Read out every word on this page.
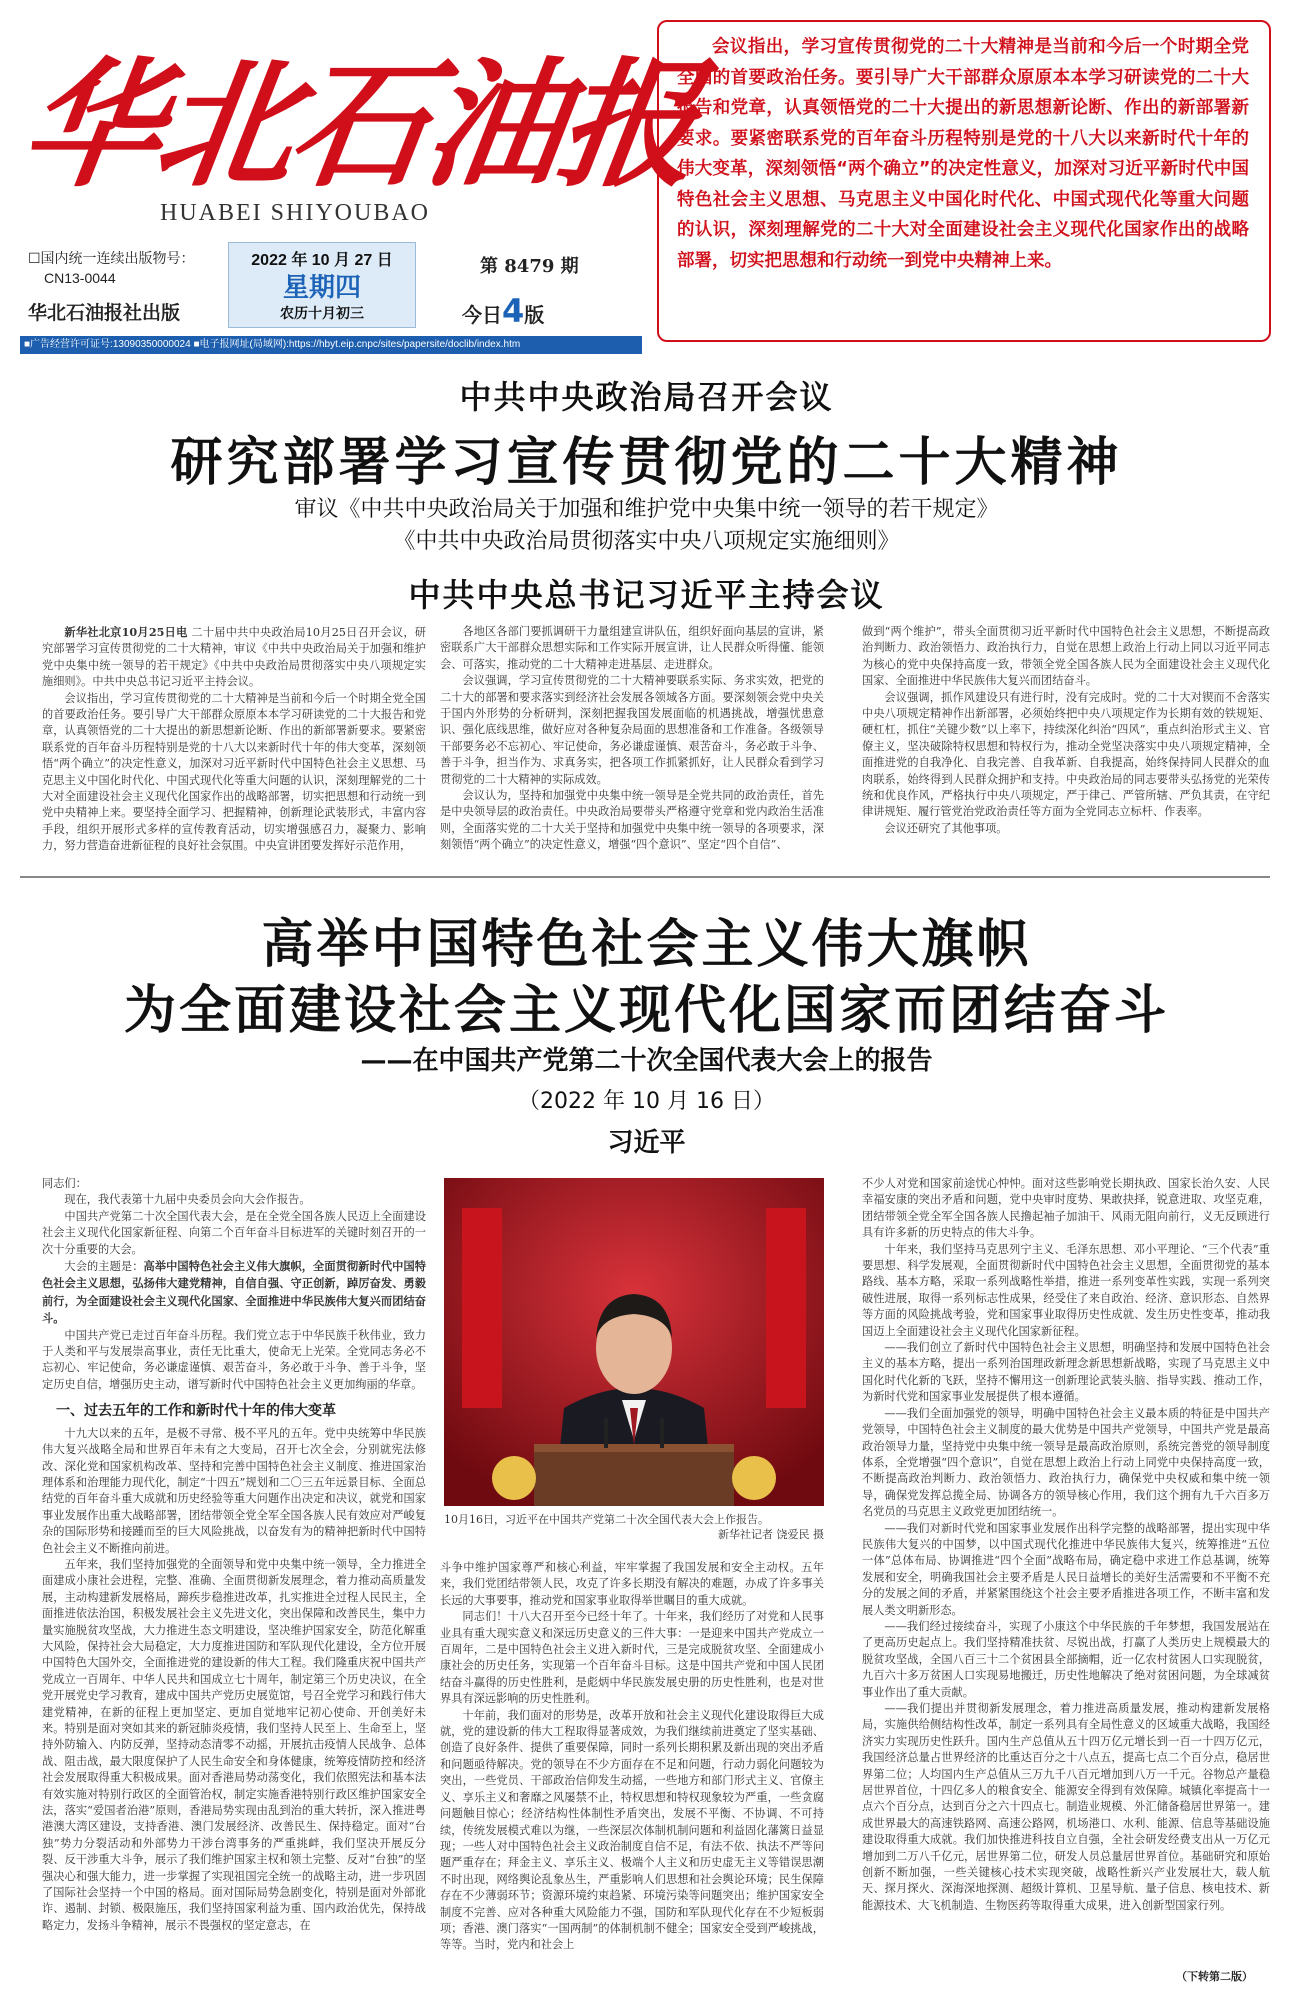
华北石油报
HUABEI SHIYOUBAO
☐国内统一连续出版物号：
CN13-0044
华北石油报社出版
2022 年 10 月 27 日
星期四
农历十月初三
第 8479 期
今日4版
■广告经营许可证号:13090350000024 ■电子报网址(局域网):https://hbyt.eip.cnpc/sites/papersite/doclib/index.htm
会议指出，学习宣传贯彻党的二十大精神是当前和今后一个时期全党全国的首要政治任务。要引导广大干部群众原原本本学习研读党的二十大报告和党章，认真领悟党的二十大提出的新思想新论断、作出的新部署新要求。要紧密联系党的百年奋斗历程特别是党的十八大以来新时代十年的伟大变革，深刻领悟“两个确立”的决定性意义，加深对习近平新时代中国特色社会主义思想、马克思主义中国化时代化、中国式现代化等重大问题的认识，深刻理解党的二十大对全面建设社会主义现代化国家作出的战略部署，切实把思想和行动统一到党中央精神上来。
中共中央政治局召开会议
研究部署学习宣传贯彻党的二十大精神
审议《中共中央政治局关于加强和维护党中央集中统一领导的若干规定》
《中共中央政治局贯彻落实中央八项规定实施细则》
中共中央总书记习近平主持会议

新华社北京10月25日电 二十届中共中央政治局10月25日召开会议，研究部署学习宣传贯彻党的二十大精神，审议《中共中央政治局关于加强和维护党中央集中统一领导的若干规定》《中共中央政治局贯彻落实中央八项规定实施细则》。中共中央总书记习近平主持会议。

会议指出，学习宣传贯彻党的二十大精神是当前和今后一个时期全党全国的首要政治任务。要引导广大干部群众原原本本学习研读党的二十大报告和党章，认真领悟党的二十大提出的新思想新论断、作出的新部署新要求。要紧密联系党的百年奋斗历程特别是党的十八大以来新时代十年的伟大变革，深刻领悟“两个确立”的决定性意义，加深对习近平新时代中国特色社会主义思想、马克思主义中国化时代化、中国式现代化等重大问题的认识，深刻理解党的二十大对全面建设社会主义现代化国家作出的战略部署，切实把思想和行动统一到党中央精神上来。要坚持全面学习、把握精神，创新理论武装形式，丰富内容手段，组织开展形式多样的宣传教育活动，切实增强感召力，凝聚力、影响力，努力营造奋进新征程的良好社会氛围。中央宣讲团要发挥好示范作用，

各地区各部门要抓调研干力量组建宣讲队伍，组织好面向基层的宣讲，紧密联系广大干部群众思想实际和工作实际开展宣讲，让人民群众听得懂、能领会、可落实，推动党的二十大精神走进基层、走进群众。

会议强调，学习宣传贯彻党的二十大精神要联系实际、务求实效，把党的二十大的部署和要求落实到经济社会发展各领域各方面。要深刻领会党中央关于国内外形势的分析研判，深刻把握我国发展面临的机遇挑战，增强忧患意识、强化底线思维，做好应对各种复杂局面的思想准备和工作准备。各级领导干部要务必不忘初心、牢记使命，务必谦虚谨慎、艰苦奋斗，务必敢于斗争、善于斗争，担当作为、求真务实，把各项工作抓紧抓好，让人民群众看到学习贯彻党的二十大精神的实际成效。

会议认为，坚持和加强党中央集中统一领导是全党共同的政治责任，首先是中央领导层的政治责任。中央政治局要带头严格遵守党章和党内政治生活准则，全面落实党的二十大关于坚持和加强党中央集中统一领导的各项要求，深刻领悟“两个确立”的决定性意义，增强“四个意识”、坚定“四个自信”、

做到“两个维护”，带头全面贯彻习近平新时代中国特色社会主义思想，不断提高政治判断力、政治领悟力、政治执行力，自觉在思想上政治上行动上同以习近平同志为核心的党中央保持高度一致，带领全党全国各族人民为全面建设社会主义现代化国家、全面推进中华民族伟大复兴而团结奋斗。

会议强调，抓作风建设只有进行时，没有完成时。党的二十大对锲而不舍落实中央八项规定精神作出新部署，必须始终把中央八项规定作为长期有效的铁规矩、硬杠杠，抓住“关键少数”以上率下，持续深化纠治“四风”，重点纠治形式主义、官僚主义，坚决破除特权思想和特权行为，推动全党坚决落实中央八项规定精神，全面推进党的自我净化、自我完善、自我革新、自我提高，始终保持同人民群众的血肉联系，始终得到人民群众拥护和支持。中央政治局的同志要带头弘扬党的光荣传统和优良作风，严格执行中央八项规定，严于律己、严管所辖、严负其责，在守纪律讲规矩、履行管党治党政治责任等方面为全党同志立标杆、作表率。

会议还研究了其他事项。

高举中国特色社会主义伟大旗帜
为全面建设社会主义现代化国家而团结奋斗
——在中国共产党第二十次全国代表大会上的报告
（2022 年 10 月 16 日）
习近平

同志们：

现在，我代表第十九届中央委员会向大会作报告。

中国共产党第二十次全国代表大会，是在全党全国各族人民迈上全面建设社会主义现代化国家新征程、向第二个百年奋斗目标进军的关键时刻召开的一次十分重要的大会。

大会的主题是：高举中国特色社会主义伟大旗帜，全面贯彻新时代中国特色社会主义思想，弘扬伟大建党精神，自信自强、守正创新，踔厉奋发、勇毅前行，为全面建设社会主义现代化国家、全面推进中华民族伟大复兴而团结奋斗。

中国共产党已走过百年奋斗历程。我们党立志于中华民族千秋伟业，致力于人类和平与发展崇高事业，责任无比重大，使命无上光荣。全党同志务必不忘初心、牢记使命，务必谦虚谨慎、艰苦奋斗，务必敢于斗争、善于斗争，坚定历史自信，增强历史主动，谱写新时代中国特色社会主义更加绚丽的华章。

一、过去五年的工作和新时代十年的伟大变革

十九大以来的五年，是极不寻常、极不平凡的五年。党中央统筹中华民族伟大复兴战略全局和世界百年未有之大变局，召开七次全会，分别就宪法修改、深化党和国家机构改革、坚持和完善中国特色社会主义制度、推进国家治理体系和治理能力现代化，制定“十四五”规划和二〇三五年远景目标、全面总结党的百年奋斗重大成就和历史经验等重大问题作出决定和决议，就党和国家事业发展作出重大战略部署，团结带领全党全军全国各族人民有效应对严峻复杂的国际形势和接踵而至的巨大风险挑战，以奋发有为的精神把新时代中国特色社会主义不断推向前进。

五年来，我们坚持加强党的全面领导和党中央集中统一领导，全力推进全面建成小康社会进程，完整、准确、全面贯彻新发展理念，着力推动高质量发展，主动构建新发展格局，蹄疾步稳推进改革，扎实推进全过程人民民主，全面推进依法治国，积极发展社会主义先进文化，突出保障和改善民生，集中力量实施脱贫攻坚战，大力推进生态文明建设，坚决维护国家安全，防范化解重大风险，保持社会大局稳定，大力度推进国防和军队现代化建设，全方位开展中国特色大国外交，全面推进党的建设新的伟大工程。我们隆重庆祝中国共产党成立一百周年、中华人民共和国成立七十周年，制定第三个历史决议，在全党开展党史学习教育，建成中国共产党历史展览馆，号召全党学习和践行伟大建党精神，在新的征程上更加坚定、更加自觉地牢记初心使命、开创美好未来。特别是面对突如其来的新冠肺炎疫情，我们坚持人民至上、生命至上，坚持外防输入、内防反弹，坚持动态清零不动摇，开展抗击疫情人民战争、总体战、阻击战，最大限度保护了人民生命安全和身体健康，统筹疫情防控和经济社会发展取得重大积极成果。面对香港局势动荡变化，我们依照宪法和基本法有效实施对特别行政区的全面管治权，制定实施香港特别行政区维护国家安全法，落实“爱国者治港”原则，香港局势实现由乱到治的重大转折，深入推进粤港澳大湾区建设，支持香港、澳门发展经济、改善民生、保持稳定。面对“台独”势力分裂活动和外部势力干涉台湾事务的严重挑衅，我们坚决开展反分裂、反干涉重大斗争，展示了我们维护国家主权和领土完整、反对“台独”的坚强决心和强大能力，进一步掌握了实现祖国完全统一的战略主动，进一步巩固了国际社会坚持一个中国的格局。面对国际局势急剧变化，特别是面对外部讹诈、遏制、封锁、极限施压，我们坚持国家利益为重、国内政治优先，保持战略定力，发扬斗争精神，展示不畏强权的坚定意志，在

10月16日，习近平在中国共产党第二十次全国代表大会上作报告。
新华社记者 饶爱民 摄

斗争中维护国家尊严和核心利益，牢牢掌握了我国发展和安全主动权。五年来，我们党团结带领人民，攻克了许多长期没有解决的难题，办成了许多事关长远的大事要事，推动党和国家事业取得举世瞩目的重大成就。

同志们！十八大召开至今已经十年了。十年来，我们经历了对党和人民事业具有重大现实意义和深远历史意义的三件大事：一是迎来中国共产党成立一百周年，二是中国特色社会主义进入新时代，三是完成脱贫攻坚、全面建成小康社会的历史任务，实现第一个百年奋斗目标。这是中国共产党和中国人民团结奋斗赢得的历史性胜利，是彪炳中华民族发展史册的历史性胜利，也是对世界具有深远影响的历史性胜利。

十年前，我们面对的形势是，改革开放和社会主义现代化建设取得巨大成就，党的建设新的伟大工程取得显著成效，为我们继续前进奠定了坚实基础、创造了良好条件、提供了重要保障，同时一系列长期积累及新出现的突出矛盾和问题亟待解决。党的领导在不少方面存在不足和问题，行动力弱化问题较为突出，一些党员、干部政治信仰发生动摇，一些地方和部门形式主义、官僚主义、享乐主义和奢靡之风屡禁不止，特权思想和特权现象较为严重，一些贪腐问题触目惊心；经济结构性体制性矛盾突出，发展不平衡、不协调、不可持续，传统发展模式难以为继，一些深层次体制机制问题和利益固化藩篱日益显现；一些人对中国特色社会主义政治制度自信不足，有法不依、执法不严等问题严重存在；拜金主义、享乐主义、极端个人主义和历史虚无主义等错误思潮不时出现，网络舆论乱象丛生，严重影响人们思想和社会舆论环境；民生保障存在不少薄弱环节；资源环境约束趋紧、环境污染等问题突出；维护国家安全制度不完善、应对各种重大风险能力不强，国防和军队现代化存在不少短板弱项；香港、澳门落实“一国两制”的体制机制不健全；国家安全受到严峻挑战，等等。当时，党内和社会上

不少人对党和国家前途忧心忡忡。面对这些影响党长期执政、国家长治久安、人民幸福安康的突出矛盾和问题，党中央审时度势、果敢抉择，锐意进取、攻坚克难，团结带领全党全军全国各族人民撸起袖子加油干、风雨无阻向前行，义无反顾进行具有许多新的历史特点的伟大斗争。

十年来，我们坚持马克思列宁主义、毛泽东思想、邓小平理论、“三个代表”重要思想、科学发展观，全面贯彻新时代中国特色社会主义思想，全面贯彻党的基本路线、基本方略，采取一系列战略性举措，推进一系列变革性实践，实现一系列突破性进展，取得一系列标志性成果，经受住了来自政治、经济、意识形态、自然界等方面的风险挑战考验，党和国家事业取得历史性成就、发生历史性变革，推动我国迈上全面建设社会主义现代化国家新征程。

——我们创立了新时代中国特色社会主义思想，明确坚持和发展中国特色社会主义的基本方略，提出一系列治国理政新理念新思想新战略，实现了马克思主义中国化时代化新的飞跃，坚持不懈用这一创新理论武装头脑、指导实践、推动工作，为新时代党和国家事业发展提供了根本遵循。

——我们全面加强党的领导，明确中国特色社会主义最本质的特征是中国共产党领导，中国特色社会主义制度的最大优势是中国共产党领导，中国共产党是最高政治领导力量，坚持党中央集中统一领导是最高政治原则，系统完善党的领导制度体系，全党增强“四个意识”，自觉在思想上政治上行动上同党中央保持高度一致，不断提高政治判断力、政治领悟力、政治执行力，确保党中央权威和集中统一领导，确保党发挥总揽全局、协调各方的领导核心作用，我们这个拥有九千六百多万名党员的马克思主义政党更加团结统一。

——我们对新时代党和国家事业发展作出科学完整的战略部署，提出实现中华民族伟大复兴的中国梦，以中国式现代化推进中华民族伟大复兴，统筹推进“五位一体”总体布局、协调推进“四个全面”战略布局，确定稳中求进工作总基调，统筹发展和安全，明确我国社会主要矛盾是人民日益增长的美好生活需要和不平衡不充分的发展之间的矛盾，并紧紧围绕这个社会主要矛盾推进各项工作，不断丰富和发展人类文明新形态。

——我们经过接续奋斗，实现了小康这个中华民族的千年梦想，我国发展站在了更高历史起点上。我们坚持精准扶贫、尽锐出战，打赢了人类历史上规模最大的脱贫攻坚战，全国八百三十二个贫困县全部摘帽，近一亿农村贫困人口实现脱贫，九百六十多万贫困人口实现易地搬迁，历史性地解决了绝对贫困问题，为全球减贫事业作出了重大贡献。

——我们提出并贯彻新发展理念，着力推进高质量发展，推动构建新发展格局，实施供给侧结构性改革，制定一系列具有全局性意义的区域重大战略，我国经济实力实现历史性跃升。国内生产总值从五十四万亿元增长到一百一十四万亿元，我国经济总量占世界经济的比重达百分之十八点五，提高七点二个百分点，稳居世界第二位；人均国内生产总值从三万九千八百元增加到八万一千元。谷物总产量稳居世界首位，十四亿多人的粮食安全、能源安全得到有效保障。城镇化率提高十一点六个百分点，达到百分之六十四点七。制造业规模、外汇储备稳居世界第一。建成世界最大的高速铁路网、高速公路网，机场港口、水利、能源、信息等基础设施建设取得重大成就。我们加快推进科技自立自强，全社会研发经费支出从一万亿元增加到二万八千亿元，居世界第二位，研发人员总量居世界首位。基础研究和原始创新不断加强，一些关键核心技术实现突破，战略性新兴产业发展壮大，载人航天、探月探火、深海深地探测、超级计算机、卫星导航、量子信息、核电技术、新能源技术、大飞机制造、生物医药等取得重大成果，进入创新型国家行列。

（下转第二版）
